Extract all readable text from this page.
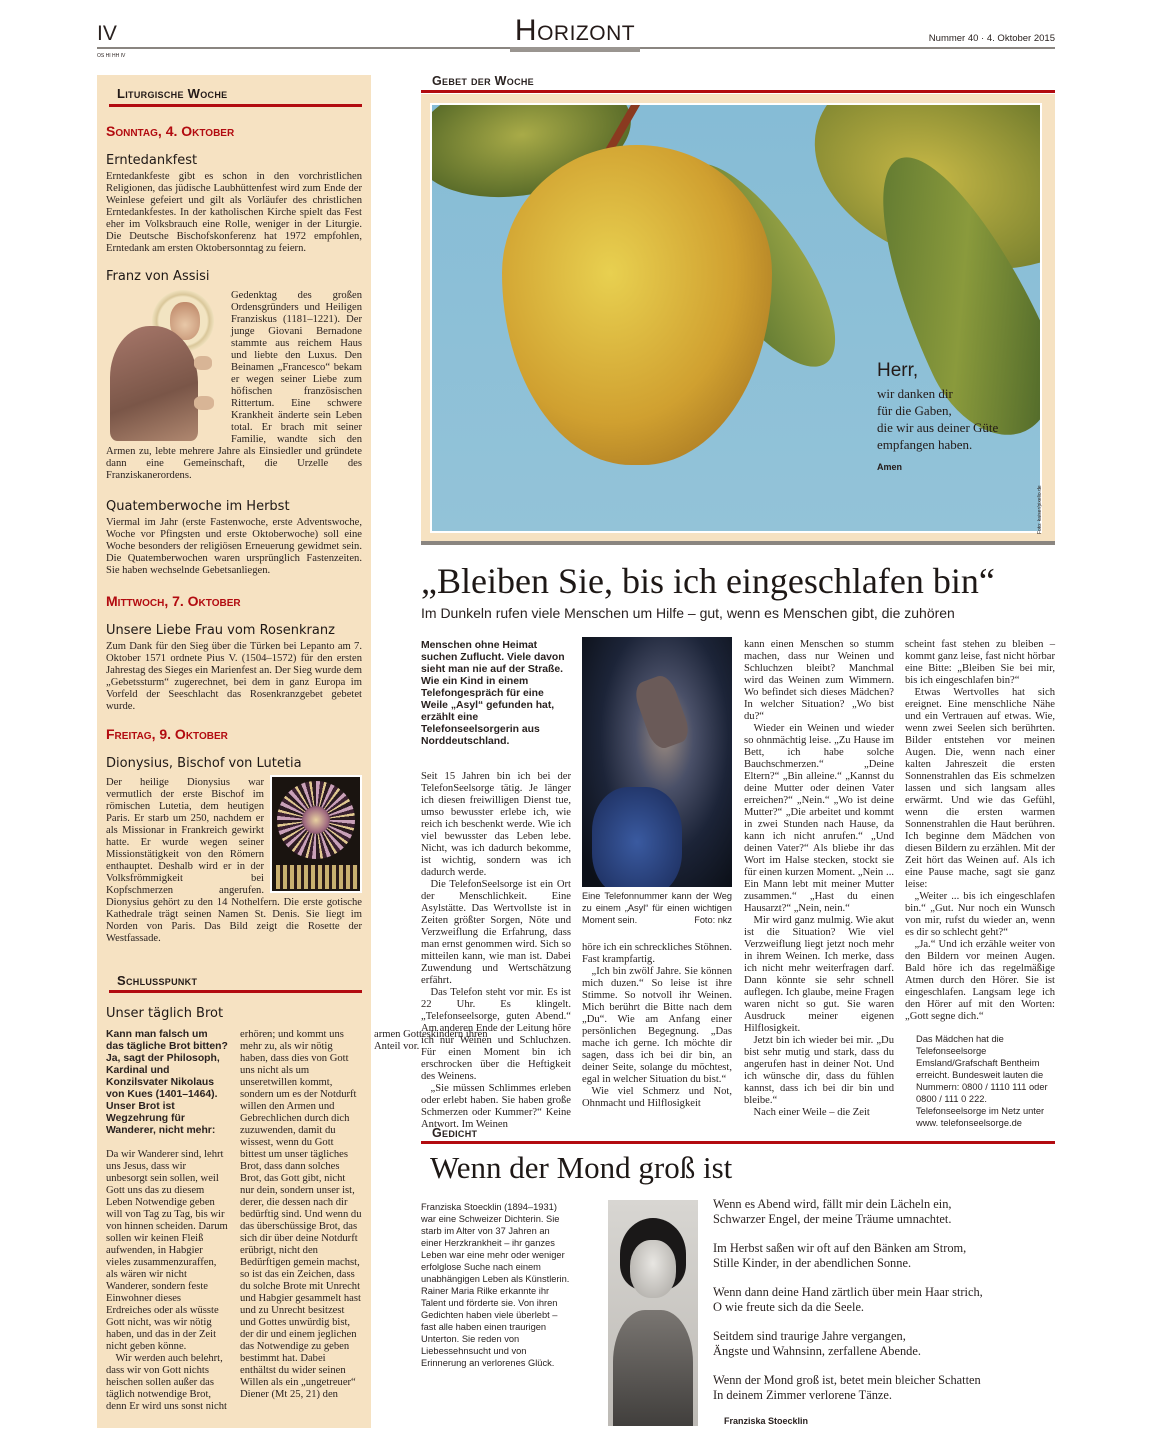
IV
OS HI HH IV
Horizont	Nummer 40 · 4. Oktober 2015
Liturgische Woche
Sonntag, 4. Oktober
Erntedankfest

Erntedankfeste gibt es schon in den vorchristlichen Religionen, das jüdische Laubhüttenfest wird zum Ende der Weinlese gefeiert und gilt als Vorläufer des christlichen Erntedankfestes. In der katholischen Kirche spielt das Fest eher im Volksbrauch eine Rolle, weniger in der Liturgie. Die Deutsche Bischofskonferenz hat 1972 empfohlen, Erntedank am ersten Oktobersonntag zu feiern.

Franz von Assisi

Gedenktag des großen Ordensgründers und Heiligen Franziskus (1181–1221). Der junge Giovani Bernadone stammte aus reichem Haus und liebte den Luxus. Den Beinamen „Francesco“ bekam er wegen seiner Liebe zum höfischen französischen Rittertum. Eine schwere Krankheit änderte sein Leben total. Er brach mit seiner Familie, wandte sich den Armen zu, lebte mehrere Jahre als Einsiedler und gründete dann eine Gemeinschaft, die Urzelle des Franziskanerordens.

Quatemberwoche im Herbst

Viermal im Jahr (erste Fastenwoche, erste Adventswoche, Woche vor Pfingsten und erste Oktoberwoche) soll eine Woche besonders der religiösen Erneuerung gewidmet sein. Die Quatemberwochen waren ursprünglich Fastenzeiten. Sie haben wechselnde Gebetsanliegen.

Mittwoch, 7. Oktober
Unsere Liebe Frau vom Rosenkranz

Zum Dank für den Sieg über die Türken bei Lepanto am 7. Oktober 1571 ordnete Pius V. (1504–1572) für den ersten Jahrestag des Sieges ein Marienfest an. Der Sieg wurde dem „Gebetssturm“ zugerechnet, bei dem in ganz Europa im Vorfeld der Seeschlacht das Rosenkranzgebet gebetet wurde.

Freitag, 9. Oktober
Dionysius, Bischof von Lutetia

Der heilige Dionysius war vermutlich der erste Bischof im römischen Lutetia, dem heutigen Paris. Er starb um 250, nachdem er als Missionar in Frankreich gewirkt hatte. Er wurde wegen seiner Missionstätigkeit von den Römern enthauptet. Deshalb wird er in der Volksfrömmigkeit bei Kopfschmerzen angerufen. Dionysius gehört zu den 14 Nothelfern. Die erste gotische Kathedrale trägt seinen Namen St. Denis. Sie liegt im Norden von Paris. Das Bild zeigt die Rosette der Westfassade.

Schlusspunkt
Unser täglich Brot

Kann man falsch um das tägliche Brot bitten? Ja, sagt der Philosoph, Kardinal und Konzilsvater Nikolaus von Kues (1401–1464). Unser Brot ist Wegzehrung für Wanderer, nicht mehr:

Da wir Wanderer sind, lehrt uns Jesus, dass wir unbesorgt sein sollen, weil Gott uns das zu diesem Leben Notwendige geben will von Tag zu Tag, bis wir von hinnen scheiden. Darum sollen wir keinen Fleiß aufwenden, in Habgier vieles zusammenzuraffen, als wären wir nicht Wanderer, sondern feste Einwohner dieses Erdreiches oder als wüsste Gott nicht, was wir nötig haben, und das in der Zeit nicht geben könne.

Wir werden auch belehrt, dass wir von Gott nichts heischen sollen außer das täglich notwendige Brot, denn Er wird uns sonst nicht erhören; und kommt uns mehr zu, als wir nötig haben, dass dies von Gott uns nicht als um unseretwillen kommt, sondern um es der Notdurft willen den Armen und Gebrechlichen durch dich zuzuwenden, damit du wissest, wenn du Gott bittest um unser tägliches Brot, dass dann solches Brot, das Gott gibt, nicht nur dein, sondern unser ist, derer, die dessen nach dir bedürftig sind. Und wenn du das überschüssige Brot, das sich dir über deine Notdurft erübrigt, nicht den Bedürftigen gemein machst, so ist das ein Zeichen, dass du solche Brote mit Unrecht und Habgier gesammelt hast und zu Unrecht besitzest und Gottes unwürdig bist, der dir und einem jeglichen das Notwendige zu geben bestimmt hat. Dabei enthältst du wider seinen Willen als ein „ungetreuer“ Diener (Mt 25, 21) den armen Gotteskindern ihren Anteil vor.

Gebet der Woche
Herr,
wir danken dir
für die Gaben,
die wir aus deiner Güte
empfangen haben.
Amen
Foto: kaiser/pixelio.de
„Bleiben Sie, bis ich eingeschlafen bin“
Im Dunkeln rufen viele Menschen um Hilfe – gut, wenn es Menschen gibt, die zuhören

Menschen ohne Heimat suchen Zuflucht. Viele davon sieht man nie auf der Straße. Wie ein Kind in einem Telefongespräch für eine Weile „Asyl“ gefunden hat, erzählt eine Telefonseelsorgerin aus Norddeutschland.

Seit 15 Jahren bin ich bei der TelefonSeelsorge tätig. Je länger ich diesen freiwilligen Dienst tue, umso bewusster erlebe ich, wie reich ich beschenkt werde. Wie ich viel bewusster das Leben lebe. Nicht, was ich dadurch bekomme, ist wichtig, sondern was ich dadurch werde.

Die TelefonSeelsorge ist ein Ort der Menschlichkeit. Eine Asylstätte. Das Wertvollste ist in Zeiten größter Sorgen, Nöte und Verzweiflung die Erfahrung, dass man ernst genommen wird. Sich so mitteilen kann, wie man ist. Dabei Zuwendung und Wertschätzung erfährt.

Das Telefon steht vor mir. Es ist 22 Uhr. Es klingelt. „Telefonseelsorge, guten Abend.“ Am anderen Ende der Leitung höre ich nur Weinen und Schluchzen. Für einen Moment bin ich erschrocken über die Heftigkeit des Weinens.

„Sie müssen Schlimmes erleben oder erlebt haben. Sie haben große Schmerzen oder Kummer?“ Keine Antwort. Im Weinen

Eine Telefonnummer kann der Weg zu einem „Asyl“ für einen wichtigen Moment sein.	Foto: nkz

höre ich ein schreckliches Stöhnen. Fast krampfartig.

„Ich bin zwölf Jahre. Sie können mich duzen.“ So leise ist ihre Stimme. So notvoll ihr Weinen. Mich berührt die Bitte nach dem „Du“. Wie am Anfang einer persönlichen Begegnung. „Das mache ich gerne. Ich möchte dir sagen, dass ich bei dir bin, an deiner Seite, solange du möchtest, egal in welcher Situation du bist.“

Wie viel Schmerz und Not, Ohnmacht und Hilflosigkeit

kann einen Menschen so stumm machen, dass nur Weinen und Schluchzen bleibt? Manchmal wird das Weinen zum Wimmern. Wo befindet sich dieses Mädchen? In welcher Situation? „Wo bist du?“

Wieder ein Weinen und wieder so ohnmächtig leise. „Zu Hause im Bett, ich habe solche Bauchschmerzen.“ „Deine Eltern?“ „Bin alleine.“ „Kannst du deine Mutter oder deinen Vater erreichen?“ „Nein.“ „Wo ist deine Mutter?“ „Die arbeitet und kommt in zwei Stunden nach Hause, da kann ich nicht anrufen.“ „Und deinen Vater?“ Als bliebe ihr das Wort im Halse stecken, stockt sie für einen kurzen Moment. „Nein ... Ein Mann lebt mit meiner Mutter zusammen.“ „Hast du einen Hausarzt?“ „Nein, nein.“

Mir wird ganz mulmig. Wie akut ist die Situation? Wie viel Verzweiflung liegt jetzt noch mehr in ihrem Weinen. Ich merke, dass ich nicht mehr weiterfragen darf. Dann könnte sie sehr schnell auflegen. Ich glaube, meine Fragen waren nicht so gut. Sie waren Ausdruck meiner eigenen Hilflosigkeit.

Jetzt bin ich wieder bei mir. „Du bist sehr mutig und stark, dass du angerufen hast in deiner Not. Und ich wünsche dir, dass du fühlen kannst, dass ich bei dir bin und bleibe.“

Nach einer Weile – die Zeit

scheint fast stehen zu bleiben – kommt ganz leise, fast nicht hörbar eine Bitte: „Bleiben Sie bei mir, bis ich eingeschlafen bin?“

Etwas Wertvolles hat sich ereignet. Eine menschliche Nähe und ein Vertrauen auf etwas. Wie, wenn zwei Seelen sich berührten. Bilder entstehen vor meinen Augen. Die, wenn nach einer kalten Jahreszeit die ersten Sonnenstrahlen das Eis schmelzen lassen und sich langsam alles erwärmt. Und wie das Gefühl, wenn die ersten warmen Sonnenstrahlen die Haut berühren. Ich beginne dem Mädchen von diesen Bildern zu erzählen. Mit der Zeit hört das Weinen auf. Als ich eine Pause mache, sagt sie ganz leise:

„Weiter ... bis ich eingeschlafen bin.“ „Gut. Nur noch ein Wunsch von mir, rufst du wieder an, wenn es dir so schlecht geht?“

„Ja.“ Und ich erzähle weiter von den Bildern vor meinen Augen. Bald höre ich das regelmäßige Atmen durch den Hörer. Sie ist eingeschlafen. Langsam lege ich den Hörer auf mit den Worten: „Gott segne dich.“

Das Mädchen hat die Telefonseelsorge Emsland/Grafschaft Bentheim erreicht. Bundesweit lauten die Nummern: 0800 / 1110 111 oder 0800 / 111 0 222. Telefonseelsorge im Netz unter www. telefonseelsorge.de

Gedicht
Wenn der Mond groß ist

Franziska Stoecklin (1894–1931) war eine Schweizer Dichterin. Sie starb im Alter von 37 Jahren an einer Herzkrankheit – ihr ganzes Leben war eine mehr oder weniger erfolglose Suche nach einem unabhängigen Leben als Künstlerin. Rainer Maria Rilke erkannte ihr Talent und förderte sie. Von ihren Gedichten haben viele überlebt – fast alle haben einen traurigen Unterton. Sie reden von Liebessehnsucht und von Erinnerung an verlorenes Glück.

Wenn es Abend wird, fällt mir dein Lächeln ein,
Schwarzer Engel, der meine Träume umnachtet.
Im Herbst saßen wir oft auf den Bänken am Strom,
Stille Kinder, in der abendlichen Sonne.
Wenn dann deine Hand zärtlich über mein Haar strich,
O wie freute sich da die Seele.
Seitdem sind traurige Jahre vergangen,
Ängste und Wahnsinn, zerfallene Abende.
Wenn der Mond groß ist, betet mein bleicher Schatten
In deinem Zimmer verlorene Tänze.
Franziska Stoecklin
